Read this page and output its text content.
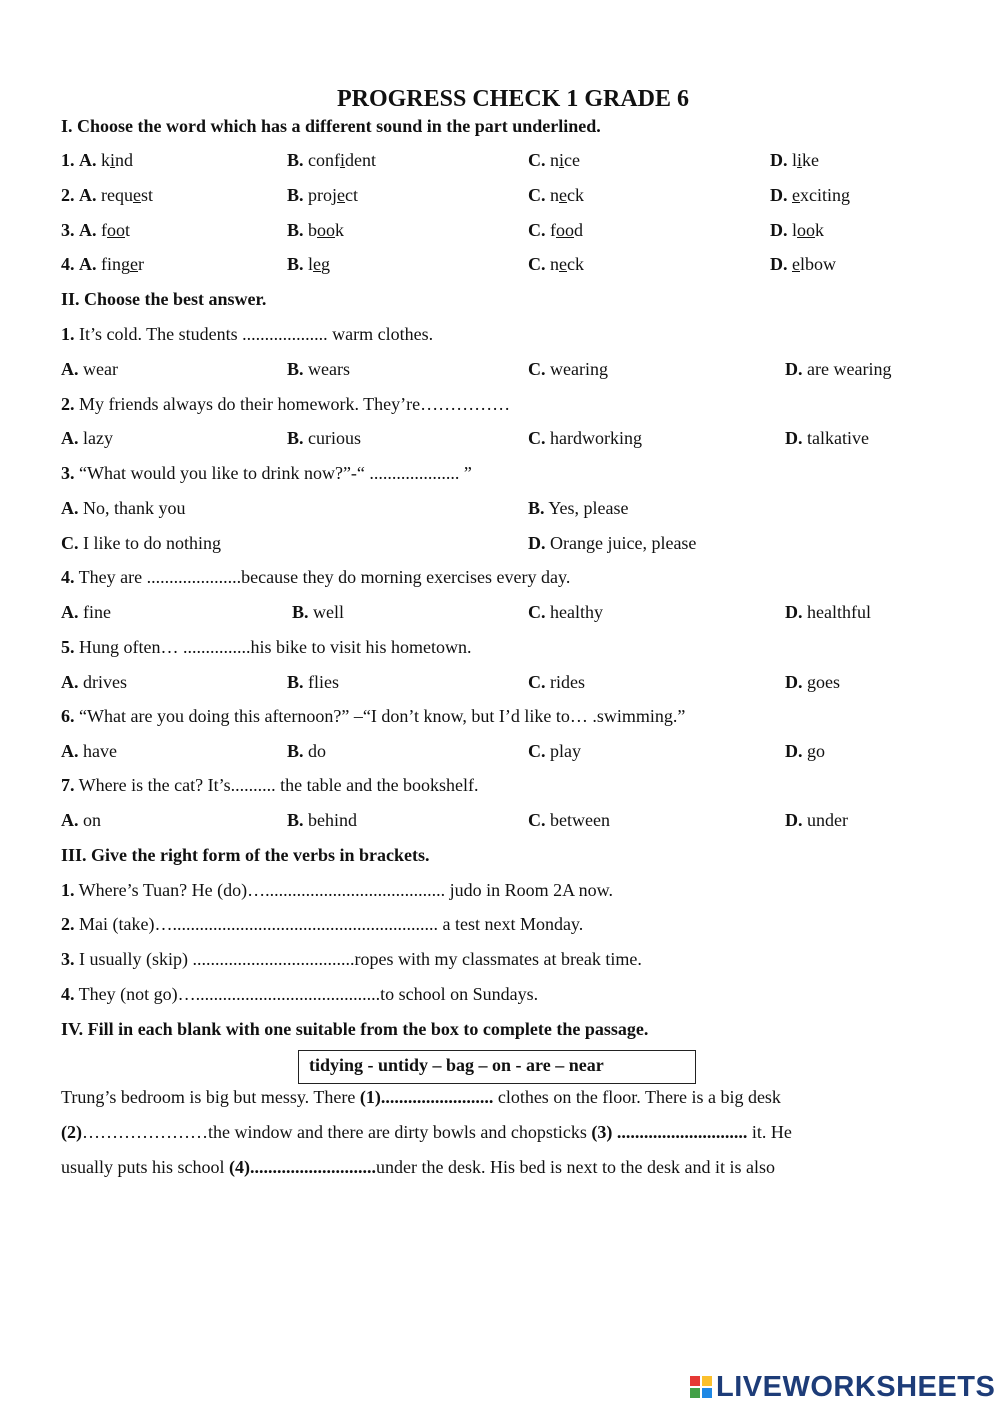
PROGRESS CHECK 1 GRADE 6
I. Choose the word which has a different sound in the part underlined.
1. A. kind	B. confident	C. nice	D. like
2. A. request	B. project	C. neck	D. exciting
3. A. foot	B. book	C. food	D. look
4. A. finger	B. leg	C. neck	D. elbow
II. Choose the best answer.
1. It’s cold. The students ................... warm clothes.
A. wear	B. wears	C. wearing	D. are wearing
2. My friends always do their homework. They’re……………
A. lazy	B. curious	C. hardworking	D. talkative
3. “What would you like to drink now?”-“ .................... ”
A. No, thank you	B. Yes, please
C. I like to do nothing	D. Orange juice, please
4. They are .....................because they do morning exercises every day.
A. fine	B. well	C. healthy	D. healthful
5. Hung often… ...............his bike to visit his hometown.
A. drives	B. flies	C. rides	D. goes
6. “What are you doing this afternoon?” –“I don’t know, but I’d like to… .swimming.”
A. have	B. do	C. play	D. go
7. Where is the cat? It’s.......... the table and the bookshelf.
A. on	B. behind	C. between	D. under
III. Give the right form of the verbs in brackets.
1. Where’s Tuan? He (do)…........................................ judo in Room 2A now.
2. Mai (take)…........................................................... a test next Monday.
3. I usually (skip) ....................................ropes with my classmates at break time.
4. They (not go)….........................................to school on Sundays.
IV. Fill in each blank with one suitable from the box to complete the passage.
tidying - untidy – bag – on - are – near
Trung’s bedroom is big but messy. There (1)......................... clothes on the floor. There is a big desk
(2)…………………the window and there are dirty bowls and chopsticks (3) ............................. it. He
usually puts his school (4)............................under the desk. His bed is next to the desk and it is also
LIVEWORKSHEETS
